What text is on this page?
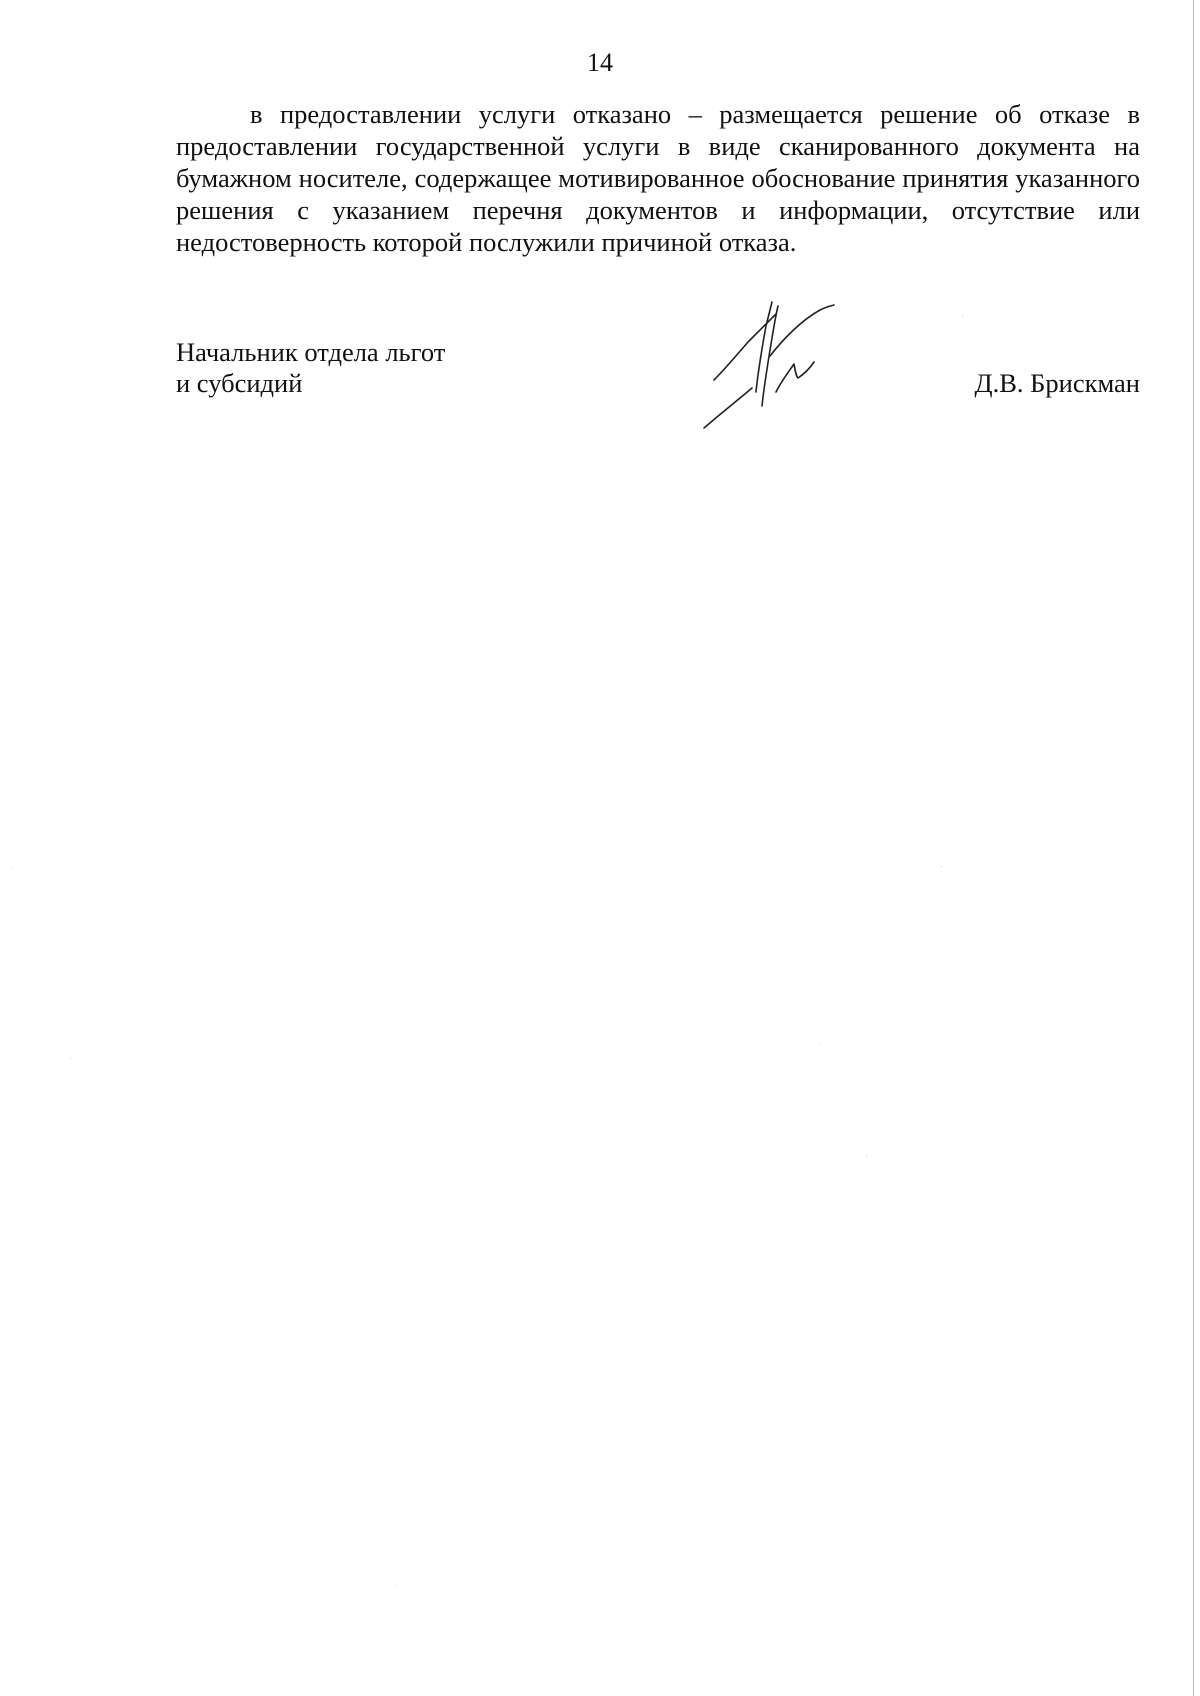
14

в предоставлении услуги отказано – размещается решение об отказе в предоставлении государственной услуги в виде сканированного документа на бумажном носителе, содержащее мотивированное обоснование принятия указанного решения с указанием перечня документов и информации, отсутствие или недостоверность которой послужили причиной отказа.

Начальник отдела льгот
и субсидий	Д.В. Брискман
